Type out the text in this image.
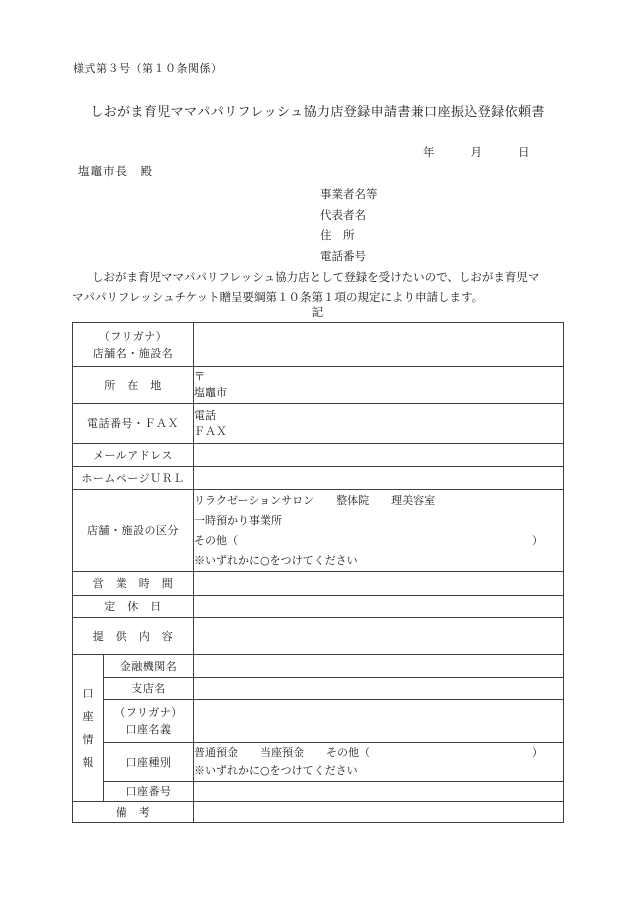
様式第３号（第１０条関係）
しおがま育児ママパパリフレッシュ協力店登録申請書兼口座振込登録依頼書
年	月	日
塩竈市長　殿
事業者名等
代表者名
住　所
電話番号
しおがま育児ママパパリフレッシュ協力店として登録を受けたいので、しおがま育児マ
マパパリフレッシュチケット贈呈要綱第１０条第１項の規定により申請します。
記
（フリガナ）
店舗名・施設名		

所　在　地		〒
塩竈市

電話番号・ＦＡＸ		電話
ＦＡＸ

メールアドレス		
ホームページＵＲＬ		
店舗・施設の区分		リラクゼーションサロン　　整体院　　理美容室
一時預かり事業所
その他（ ）
※いずれかに○をつけてください

営　業　時　間		
定　休　日		
提　供　内　容		

口座情報	金融機関名	
	支店名	

	（フリガナ）
口座名義	

	口座種別	普通預金　　当座預金　　その他（ ）
※いずれかに○をつけてください

	口座番号	
備　考		
